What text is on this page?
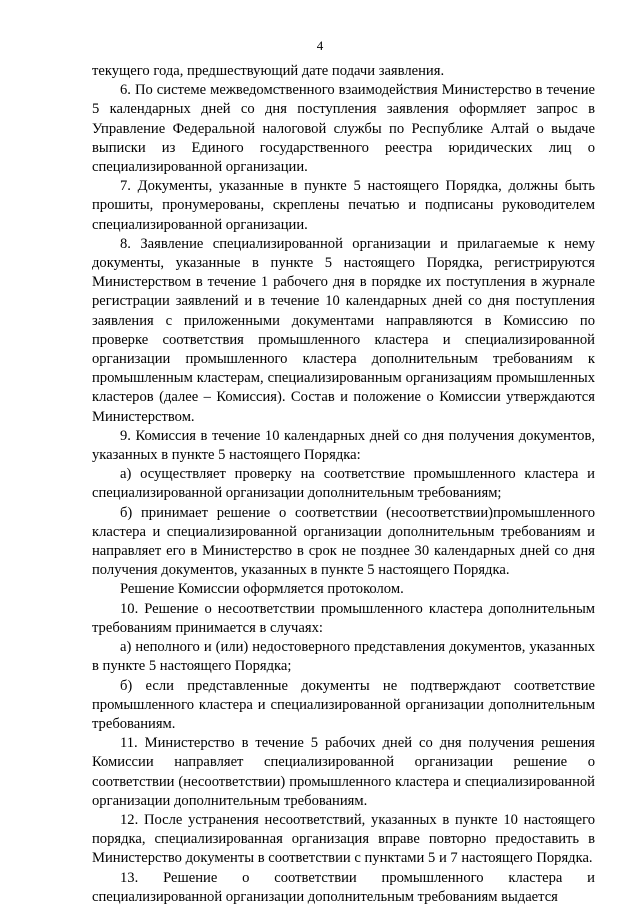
4

текущего года, предшествующий дате подачи заявления.

6. По системе межведомственного взаимодействия Министерство в течение 5 календарных дней со дня поступления заявления оформляет запрос в Управление Федеральной налоговой службы по Республике Алтай о выдаче выписки из Единого государственного реестра юридических лиц о специализированной организации.

7. Документы, указанные в пункте 5 настоящего Порядка, должны быть прошиты, пронумерованы, скреплены печатью и подписаны руководителем специализированной организации.

8. Заявление специализированной организации и прилагаемые к нему документы, указанные в пункте 5 настоящего Порядка, регистрируются Министерством в течение 1 рабочего дня в порядке их поступления в журнале регистрации заявлений и в течение 10 календарных дней со дня поступления заявления с приложенными документами направляются в Комиссию по проверке соответствия промышленного кластера и специализированной организации промышленного кластера дополнительным требованиям к промышленным кластерам, специализированным организациям промышленных кластеров (далее – Комиссия). Состав и положение о Комиссии утверждаются Министерством.

9. Комиссия в течение 10 календарных дней со дня получения документов, указанных в пункте 5 настоящего Порядка:

а) осуществляет проверку на соответствие промышленного кластера и специализированной организации дополнительным требованиям;

б) принимает решение о соответствии (несоответствии)промышленного кластера и специализированной организации дополнительным требованиям и направляет его в Министерство в срок не позднее 30 календарных дней со дня получения документов, указанных в пункте 5 настоящего Порядка.

Решение Комиссии оформляется протоколом.

10. Решение о несоответствии промышленного кластера дополнительным требованиям принимается в случаях:

а) неполного и (или) недостоверного представления документов, указанных в пункте 5 настоящего Порядка;

б) если представленные документы не подтверждают соответствие промышленного кластера и специализированной организации дополнительным требованиям.

11. Министерство в течение 5 рабочих дней со дня получения решения Комиссии направляет специализированной организации решение о соответствии (несоответствии) промышленного кластера и специализированной организации дополнительным требованиям.

12. После устранения несоответствий, указанных в пункте 10 настоящего порядка, специализированная организация вправе повторно предоставить в Министерство документы в соответствии с пунктами 5 и 7 настоящего Порядка.

13. Решение о соответствии промышленного кластера и специализированной организации дополнительным требованиям выдается
